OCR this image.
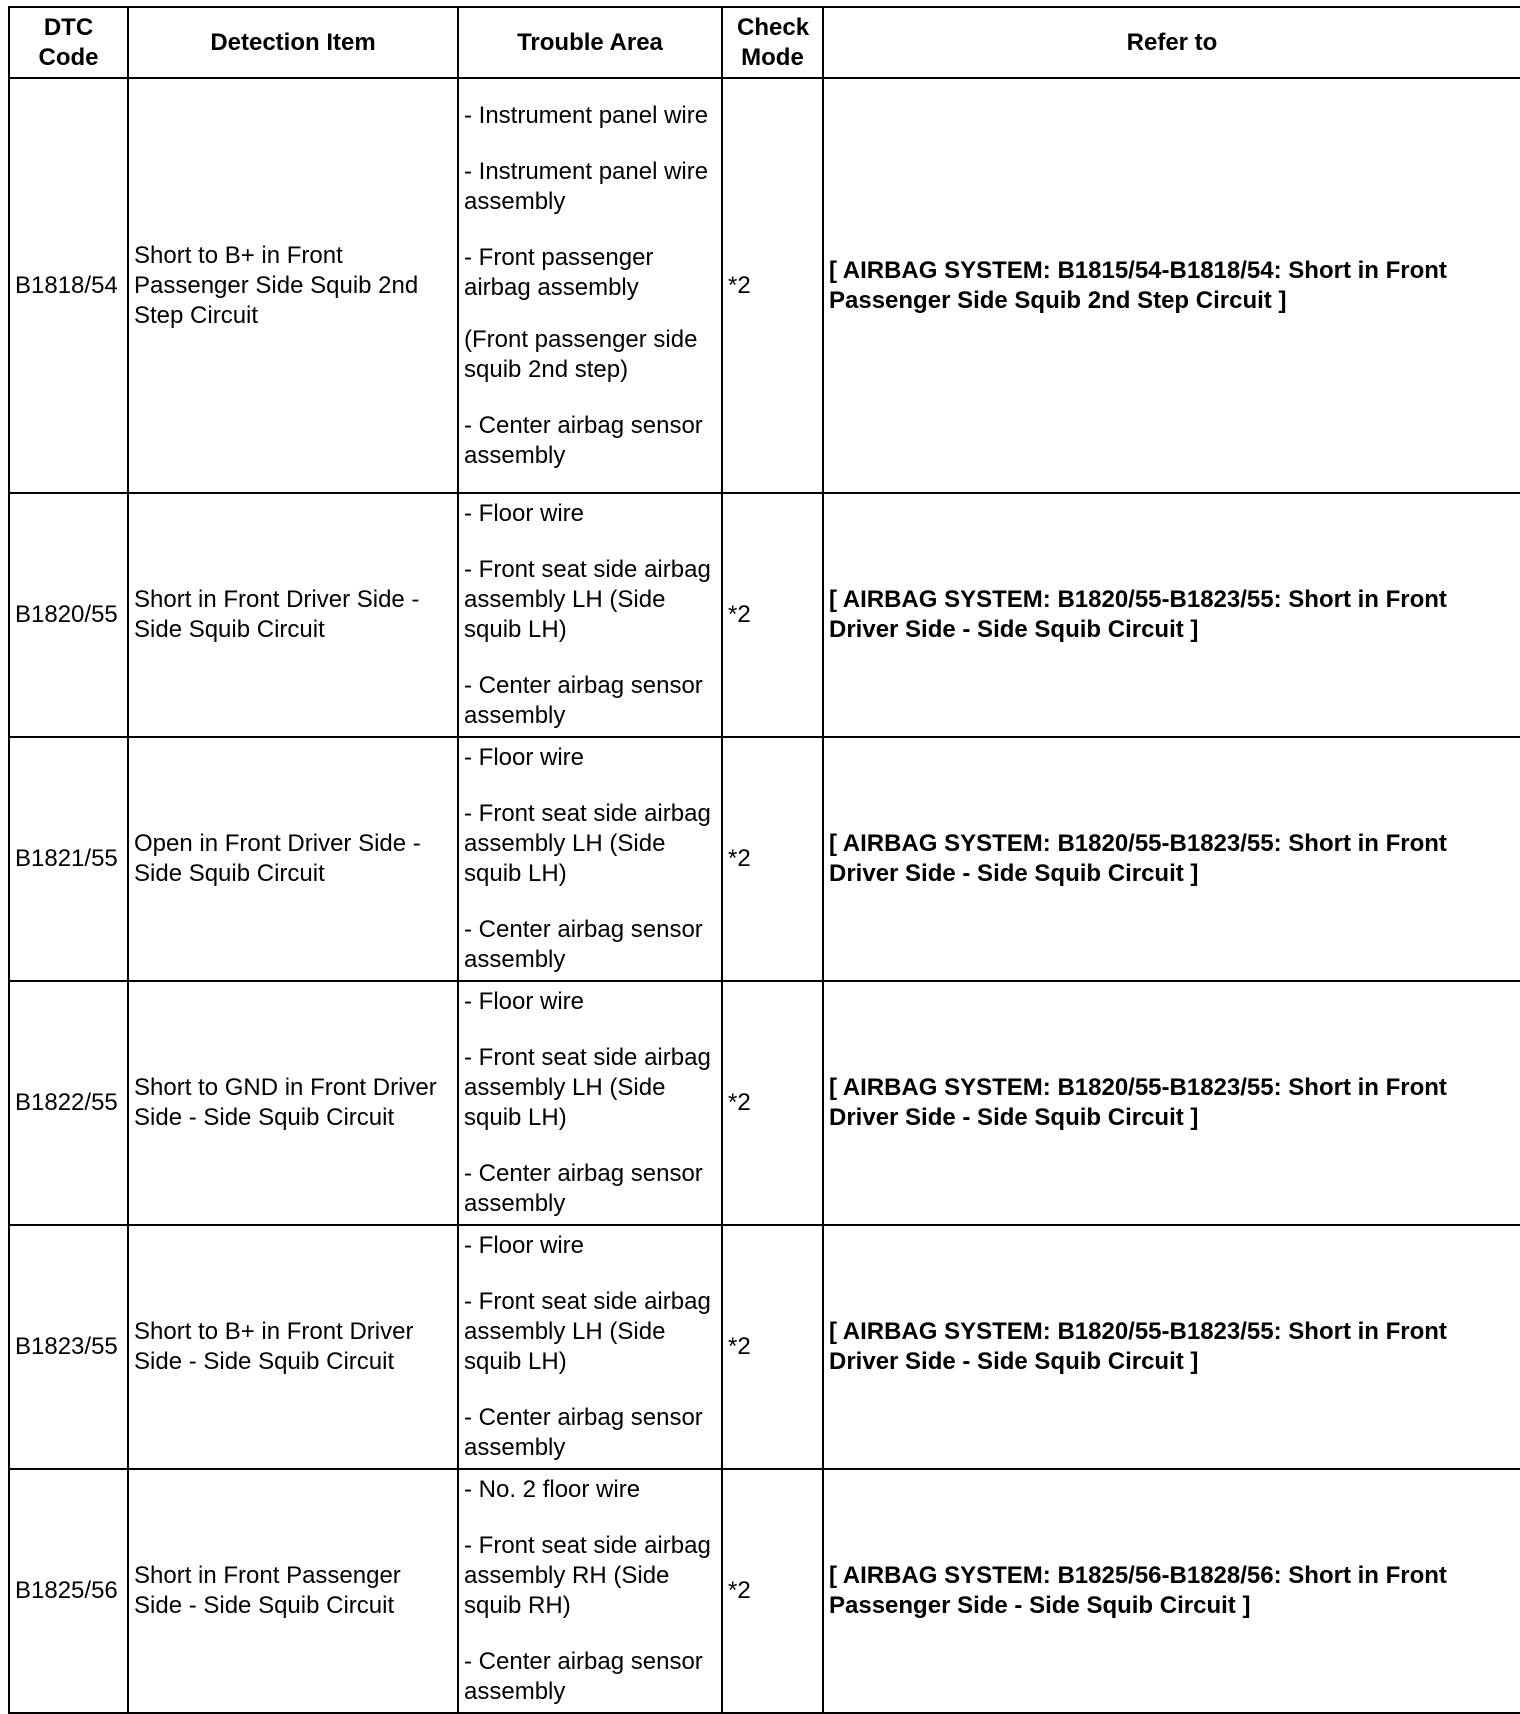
DTC Code	Detection Item	Trouble Area	Check Mode	Refer to
B1818/54	Short to B+ in Front Passenger Side Squib 2nd Step Circuit	- Instrument panel wire

- Instrument panel wire assembly

- Front passenger airbag assembly

(Front passenger side squib 2nd step)

- Center airbag sensor assembly	*2	[ AIRBAG SYSTEM: B1815/54-B1818/54: Short in Front Passenger Side Squib 2nd Step Circuit ]
B1820/55	Short in Front Driver Side - Side Squib Circuit	- Floor wire

- Front seat side airbag assembly LH (Side squib LH)

- Center airbag sensor assembly	*2	[ AIRBAG SYSTEM: B1820/55-B1823/55: Short in Front Driver Side - Side Squib Circuit ]
B1821/55	Open in Front Driver Side - Side Squib Circuit	- Floor wire

- Front seat side airbag assembly LH (Side squib LH)

- Center airbag sensor assembly	*2	[ AIRBAG SYSTEM: B1820/55-B1823/55: Short in Front Driver Side - Side Squib Circuit ]
B1822/55	Short to GND in Front Driver Side - Side Squib Circuit	- Floor wire

- Front seat side airbag assembly LH (Side squib LH)

- Center airbag sensor assembly	*2	[ AIRBAG SYSTEM: B1820/55-B1823/55: Short in Front Driver Side - Side Squib Circuit ]
B1823/55	Short to B+ in Front Driver Side - Side Squib Circuit	- Floor wire

- Front seat side airbag assembly LH (Side squib LH)

- Center airbag sensor assembly	*2	[ AIRBAG SYSTEM: B1820/55-B1823/55: Short in Front Driver Side - Side Squib Circuit ]
B1825/56	Short in Front Passenger Side - Side Squib Circuit	- No. 2 floor wire

- Front seat side airbag assembly RH (Side squib RH)

- Center airbag sensor assembly	*2	[ AIRBAG SYSTEM: B1825/56-B1828/56: Short in Front Passenger Side - Side Squib Circuit ]
